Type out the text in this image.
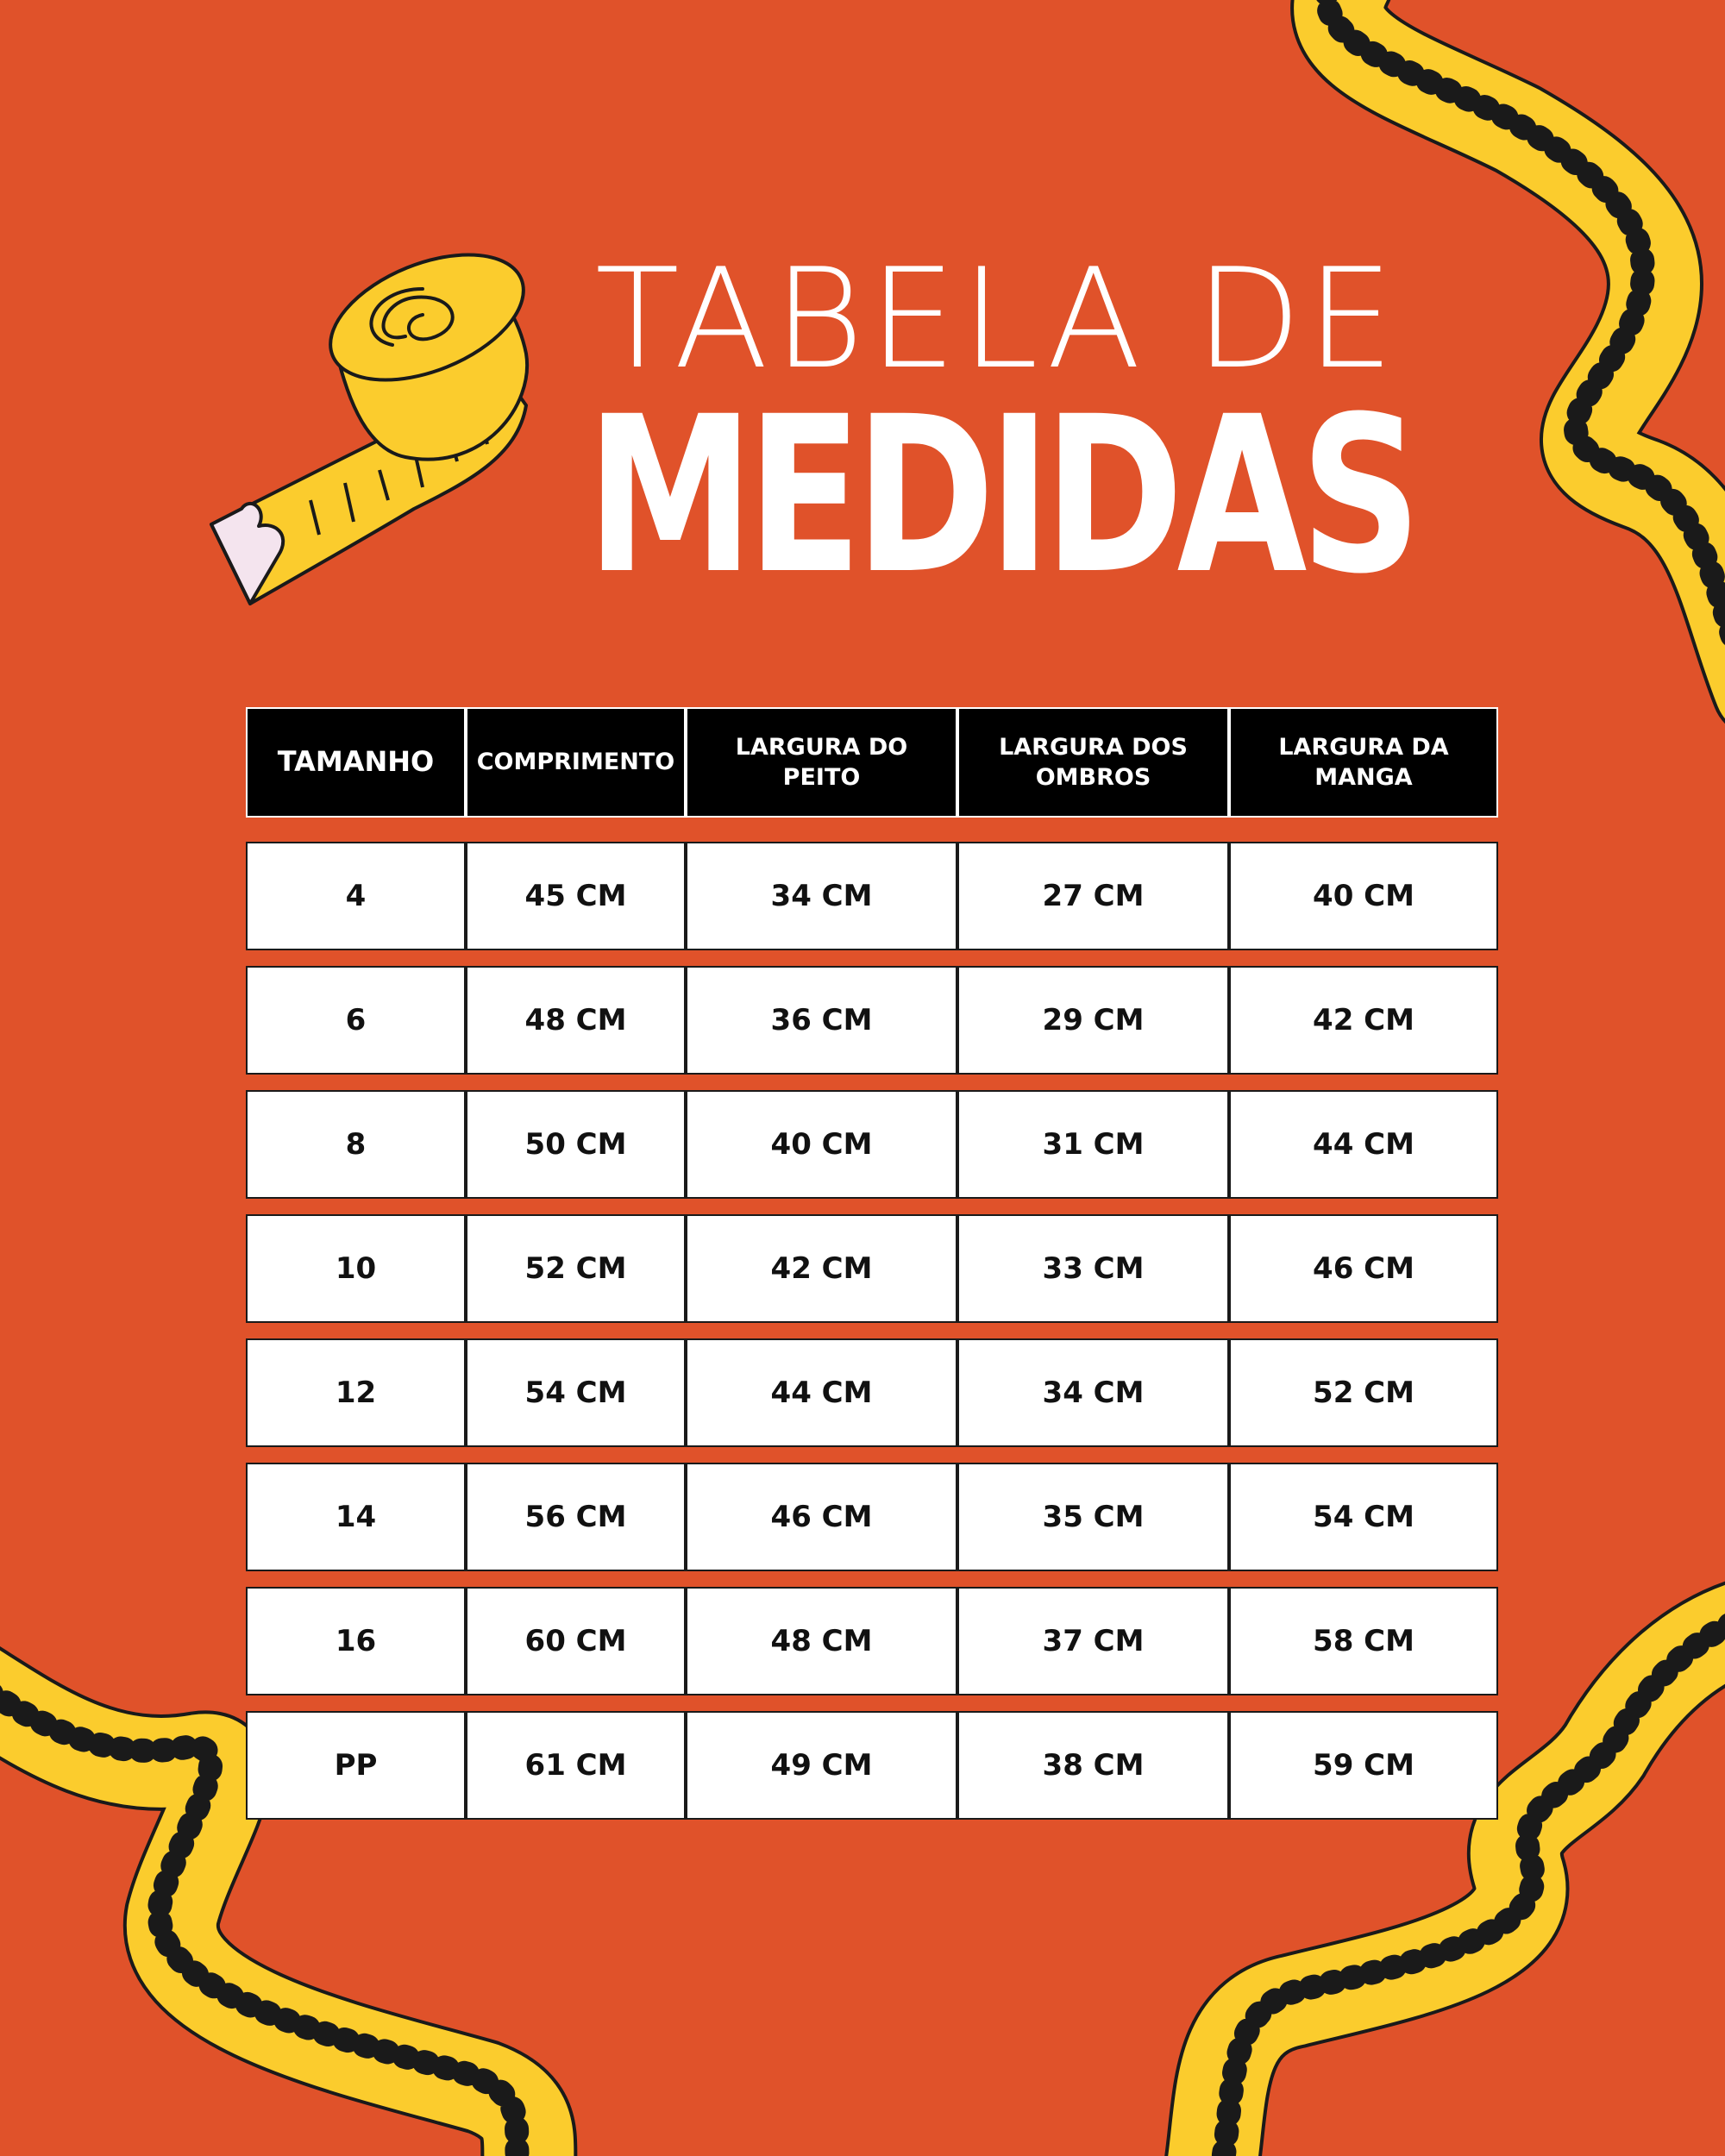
TABELA DE
MEDIDAS
TAMANHO	COMPRIMENTO	LARGURA DO PEITO	LARGURA DOS OMBROS	LARGURA DA MANGA

4	45 CM	34 CM	27 CM	40 CM

6	48 CM	36 CM	29 CM	42 CM

8	50 CM	40 CM	31 CM	44 CM

10	52 CM	42 CM	33 CM	46 CM

12	54 CM	44 CM	34 CM	52 CM

14	56 CM	46 CM	35 CM	54 CM

16	60 CM	48 CM	37 CM	58 CM

PP	61 CM	49 CM	38 CM	59 CM
